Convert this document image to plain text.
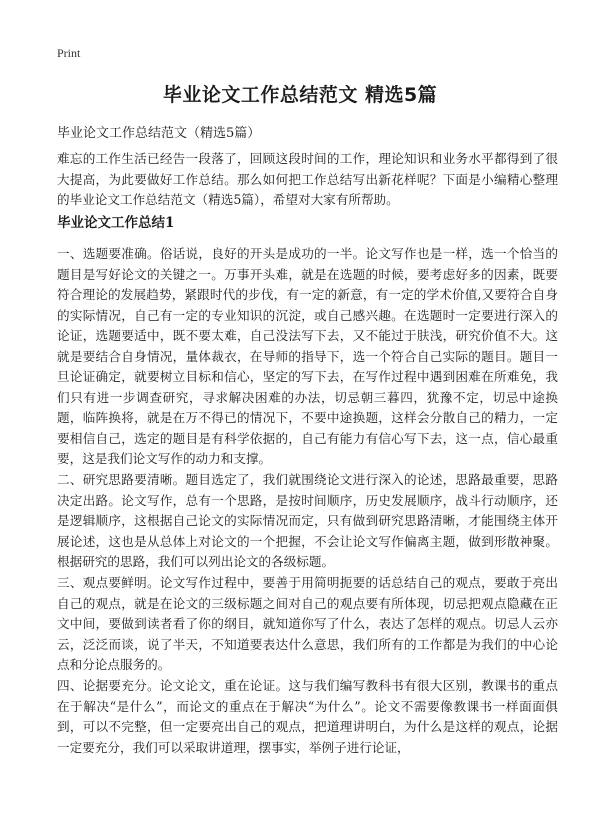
Print
毕业论文工作总结范文 精选5篇
毕业论文工作总结范文（精选5篇）

难忘的工作生活已经告一段落了，回顾这段时间的工作，理论知识和业务水平都得到了很大提高，为此要做好工作总结。那么如何把工作总结写出新花样呢？下面是小编精心整理的毕业论文工作总结范文（精选5篇），希望对大家有所帮助。

毕业论文工作总结1

一、选题要准确。俗话说，良好的开头是成功的一半。论文写作也是一样，选一个恰当的题目是写好论文的关键之一。万事开头难，就是在选题的时候，要考虑好多的因素，既要符合理论的发展趋势，紧跟时代的步伐，有一定的新意，有一定的学术价值,又要符合自身的实际情况，自己有一定的专业知识的沉淀，或自己感兴趣。在选题时一定要进行深入的论证，选题要适中，既不要太难，自己没法写下去，又不能过于肤浅，研究价值不大。这就是要结合自身情况，量体裁衣，在导师的指导下，选一个符合自己实际的题目。题目一旦论证确定，就要树立目标和信心，坚定的写下去，在写作过程中遇到困难在所难免，我们只有进一步调查研究，寻求解决困难的办法，切忌朝三暮四，犹豫不定，切忌中途换题，临阵换将，就是在万不得已的情况下，不要中途换题，这样会分散自己的精力，一定要相信自己，选定的题目是有科学依据的，自己有能力有信心写下去，这一点，信心最重要，这是我们论文写作的动力和支撑。

二、研究思路要清晰。题目选定了，我们就围绕论文进行深入的论述，思路最重要，思路决定出路。论文写作，总有一个思路，是按时间顺序，历史发展顺序，战斗行动顺序，还是逻辑顺序，这根据自己论文的实际情况而定，只有做到研究思路清晰，才能围绕主体开展论述，这也是从总体上对论文的一个把握，不会让论文写作偏离主题，做到形散神聚。根据研究的思路，我们可以列出论文的各级标题。

三、观点要鲜明。论文写作过程中，要善于用简明扼要的话总结自己的观点，要敢于亮出自己的观点，就是在论文的三级标题之间对自己的观点要有所体现，切忌把观点隐藏在正文中间，要做到读者看了你的纲目，就知道你写了什么，表达了怎样的观点。切忌人云亦云，泛泛而谈，说了半天，不知道要表达什么意思，我们所有的工作都是为我们的中心论点和分论点服务的。

四、论据要充分。论文论文，重在论证。这与我们编写教科书有很大区别，教课书的重点在于解决“是什么”，而论文的重点在于解决“为什么”。论文不需要像教课书一样面面俱到，可以不完整，但一定要亮出自己的观点，把道理讲明白，为什么是这样的观点，论据一定要充分，我们可以采取讲道理，摆事实，举例子进行论证，
